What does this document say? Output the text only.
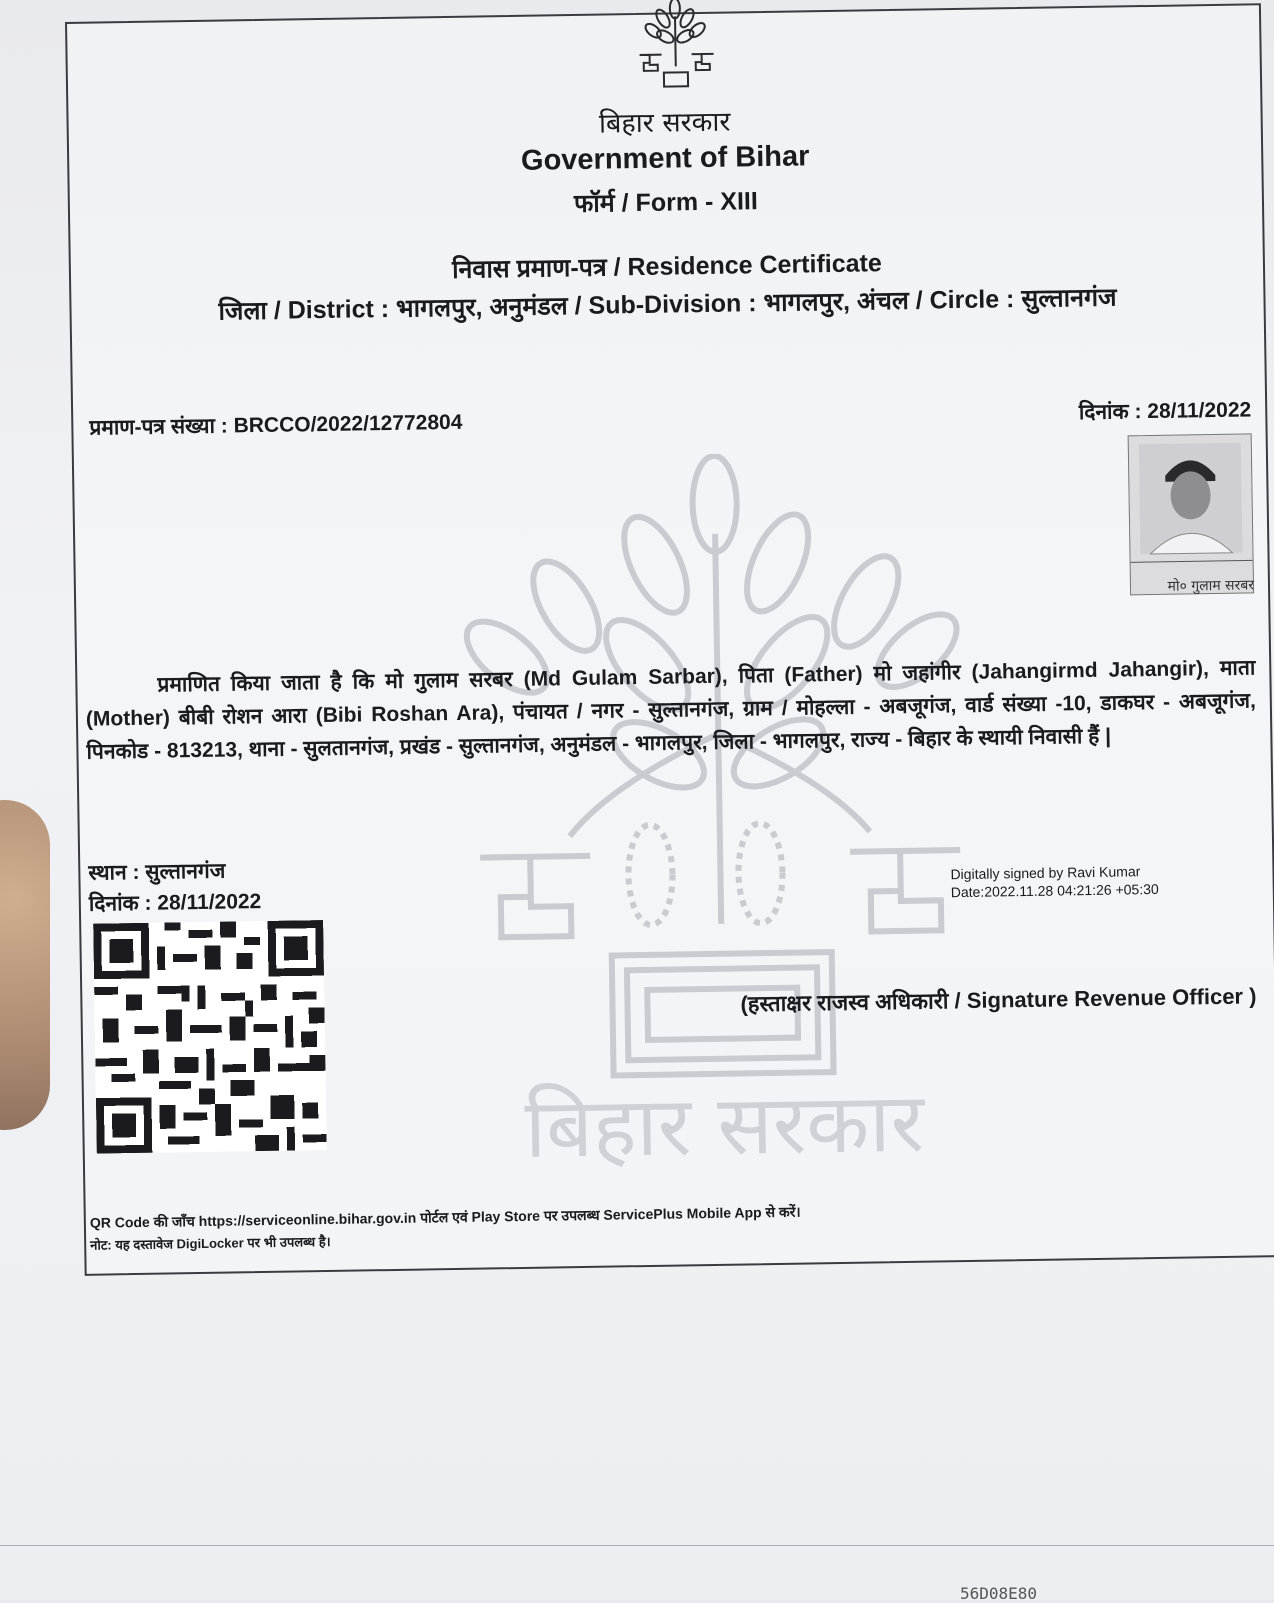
बिहार सरकार
बिहार सरकार
Government of Bihar
फॉर्म / Form - XIII
निवास प्रमाण-पत्र / Residence Certificate
जिला / District : भागलपुर, अनुमंडल / Sub-Division : भागलपुर, अंचल / Circle : सुल्तानगंज
प्रमाण-पत्र संख्या : BRCCO/2022/12772804	दिनांक : 28/11/2022
मो० गुलाम सरबर
प्रमाणित किया जाता है कि मो गुलाम सरबर (Md Gulam Sarbar), पिता (Father) मो जहांगीर (Jahangirmd Jahangir), माता (Mother) बीबी रोशन आरा (Bibi Roshan Ara), पंचायत / नगर - सुल्तानगंज, ग्राम / मोहल्ला - अबजूगंज, वार्ड संख्या -10, डाकघर - अबजूगंज, पिनकोड - 813213, थाना - सुलतानगंज, प्रखंड - सुल्तानगंज, अनुमंडल - भागलपुर, जिला - भागलपुर, राज्य - बिहार के स्थायी निवासी हैं |
स्थान : सुल्तानगंज
दिनांक : 28/11/2022
Digitally signed by Ravi Kumar
Date:2022.11.28 04:21:26 +05:30
(हस्ताक्षर राजस्व अधिकारी / Signature Revenue Officer )
QR Code की जाँच https://serviceonline.bihar.gov.in पोर्टल एवं Play Store पर उपलब्ध ServicePlus Mobile App से करें।
नोट: यह दस्तावेज DigiLocker पर भी उपलब्ध है।
56D08E80
